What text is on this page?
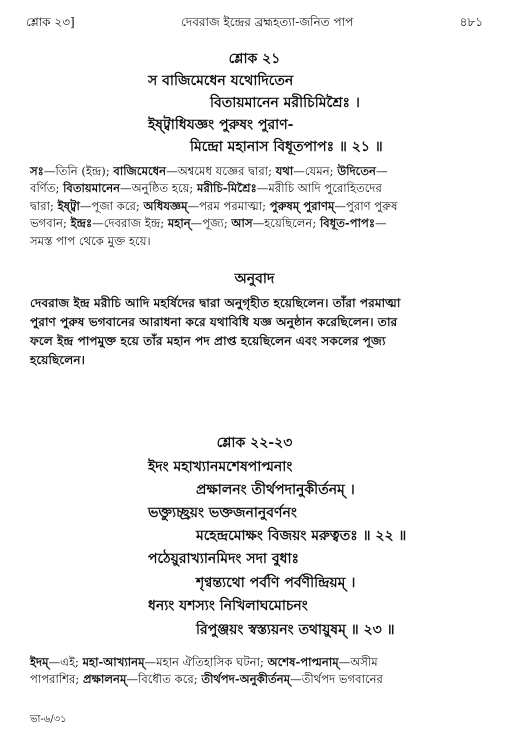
শ্লোক ২৩]	দেবরাজ ইন্দ্রের ব্রহ্মহত্যা-জনিত পাপ	৪৮১
শ্লোক ২১
স বাজিমেধেন যথোদিতেন
বিতায়মানেন মরীচিমিশ্রৈঃ ।
ইষ্ট্বাধিযজ্ঞং পুরুষং পুরাণ-
মিন্দ্রো মহানাস বিধূতপাপঃ ॥ ২১ ॥
সঃ—তিনি (ইন্দ্র); বাজিমেধেন—অশ্বমেধ যজ্ঞের দ্বারা; যথা—যেমন; উদিতেন—
বর্ণিত; বিতায়মানেন—অনুষ্ঠিত হয়ে; মরীচি-মিশ্রৈঃ—মরীচি আদি পুরোহিতদের
দ্বারা; ইষ্ট্বা—পূজা করে; অধিযজ্ঞম্—পরম পরমাত্মা; পুরুষম্ পুরাণম্—পুরাণ পুরুষ
ভগবান; ইন্দ্রঃ—দেবরাজ ইন্দ্র; মহান্—পূজ্য; আস—হয়েছিলেন; বিধূত-পাপঃ—
সমস্ত পাপ থেকে মুক্ত হয়ে।
অনুবাদ
দেবরাজ ইন্দ্র মরীচি আদি মহর্ষিদের দ্বারা অনুগৃহীত হয়েছিলেন। তাঁরা পরমাত্মা
পুরাণ পুরুষ ভগবানের আরাধনা করে যথাবিধি যজ্ঞ অনুষ্ঠান করেছিলেন। তার
ফলে ইন্দ্র পাপমুক্ত হয়ে তাঁর মহান পদ প্রাপ্ত হয়েছিলেন এবং সকলের পূজ্য
হয়েছিলেন।
শ্লোক ২২-২৩
ইদং মহাখ্যানমশেষপাপ্মনাং
প্রক্ষালনং তীর্থপদানুকীর্তনম্ ।
ভক্ত্যুচ্ছ্রয়ং ভক্তজনানুবর্ণনং
মহেন্দ্রমোক্ষং বিজয়ং মরুত্বতঃ ॥ ২২ ॥
পঠেয়ুরাখ্যানমিদং সদা বুধাঃ
শৃণ্বন্ত্যথো পর্বণি পর্বণীন্দ্রিয়ম্ ।
ধন্যং যশস্যং নিখিলাঘমোচনং
রিপুঞ্জয়ং স্বস্ত্যয়নং তথায়ুষম্ ॥ ২৩ ॥
ইদম্—এই; মহা-আখ্যানম্—মহান ঐতিহাসিক ঘটনা; অশেষ-পাপ্মনাম্—অসীম
পাপরাশির; প্রক্ষালনম্—বিধৌত করে; তীর্থপদ-অনুকীর্তনম্—তীর্থপদ ভগবানের
ভা-৬/৩১
